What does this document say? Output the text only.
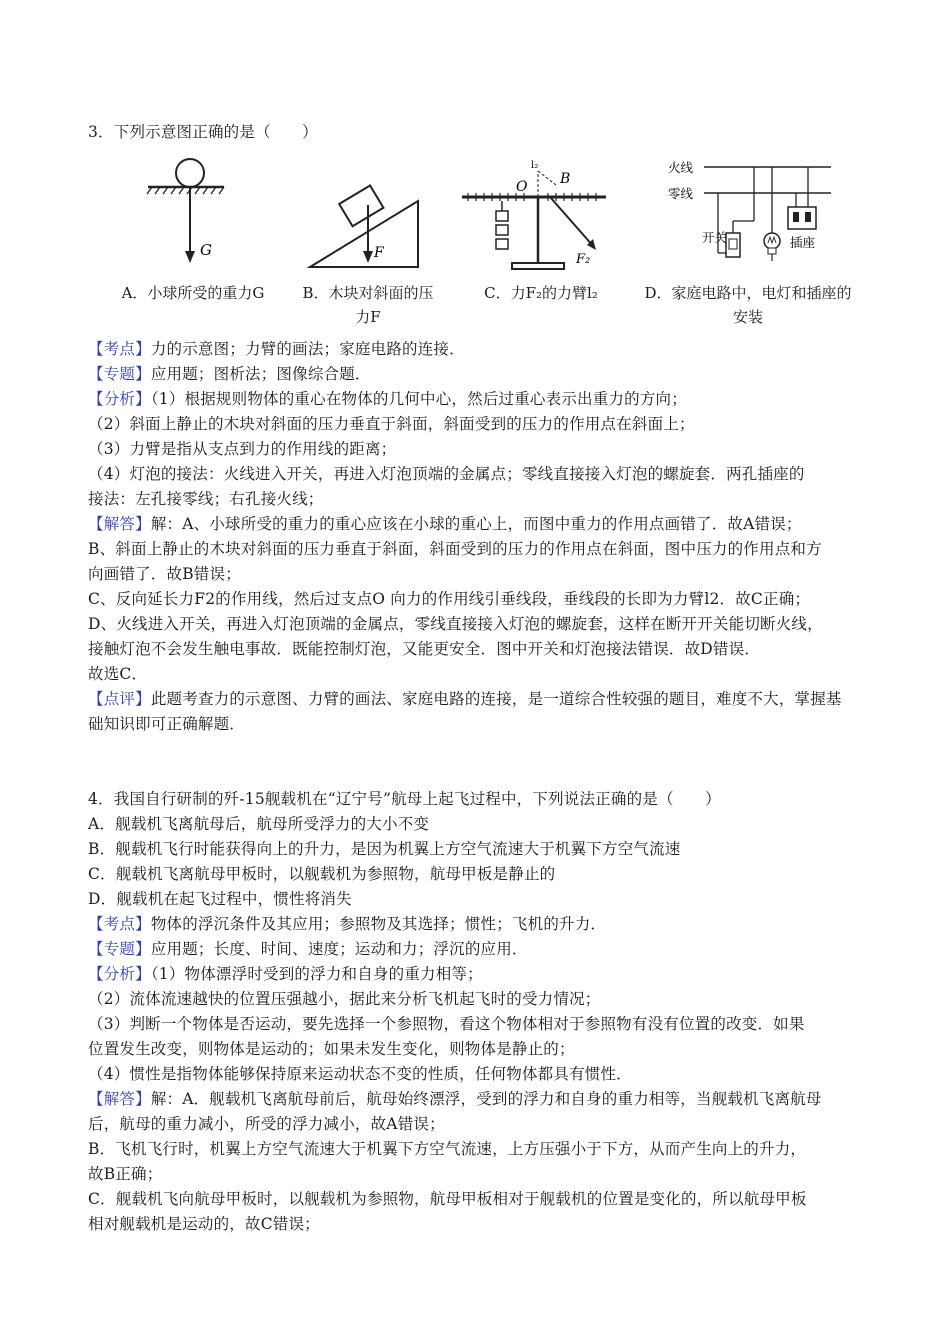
3．下列示意图正确的是（　　）
G	F
O
l₂
B
F₂
火线
零线
开关	插座
A．小球所受的重力G	B．木块对斜面的压
力F
C．力F₂的力臂l₂	D．家庭电路中，电灯和插座的
安装
【考点】力的示意图；力臂的画法；家庭电路的连接．
【专题】应用题；图析法；图像综合题．
【分析】（1）根据规则物体的重心在物体的几何中心，然后过重心表示出重力的方向；
（2）斜面上静止的木块对斜面的压力垂直于斜面，斜面受到的压力的作用点在斜面上；
（3）力臂是指从支点到力的作用线的距离；
（4）灯泡的接法：火线进入开关，再进入灯泡顶端的金属点；零线直接接入灯泡的螺旋套．两孔插座的
接法：左孔接零线；右孔接火线；
【解答】解：A、小球所受的重力的重心应该在小球的重心上，而图中重力的作用点画错了．故A错误；
B、斜面上静止的木块对斜面的压力垂直于斜面，斜面受到的压力的作用点在斜面，图中压力的作用点和方
向画错了．故B错误；
C、反向延长力F2的作用线，然后过支点O 向力的作用线引垂线段，垂线段的长即为力臂l2．故C正确；
D、火线进入开关，再进入灯泡顶端的金属点，零线直接接入灯泡的螺旋套，这样在断开开关能切断火线，
接触灯泡不会发生触电事故．既能控制灯泡，又能更安全．图中开关和灯泡接法错误．故D错误．
故选C．
【点评】此题考查力的示意图、力臂的画法、家庭电路的连接，是一道综合性较强的题目，难度不大，掌握基
础知识即可正确解题．
4．我国自行研制的歼-15舰载机在“辽宁号”航母上起飞过程中，下列说法正确的是（　　）
A．舰载机飞离航母后，航母所受浮力的大小不变
B．舰载机飞行时能获得向上的升力，是因为机翼上方空气流速大于机翼下方空气流速
C．舰载机飞离航母甲板时，以舰载机为参照物，航母甲板是静止的
D．舰载机在起飞过程中，惯性将消失
【考点】物体的浮沉条件及其应用；参照物及其选择；惯性；飞机的升力．
【专题】应用题；长度、时间、速度；运动和力；浮沉的应用．
【分析】（1）物体漂浮时受到的浮力和自身的重力相等；
（2）流体流速越快的位置压强越小，据此来分析飞机起飞时的受力情况；
（3）判断一个物体是否运动，要先选择一个参照物，看这个物体相对于参照物有没有位置的改变．如果
位置发生改变，则物体是运动的；如果未发生变化，则物体是静止的；
（4）惯性是指物体能够保持原来运动状态不变的性质，任何物体都具有惯性．
【解答】解：A．舰载机飞离航母前后，航母始终漂浮，受到的浮力和自身的重力相等，当舰载机飞离航母
后，航母的重力减小，所受的浮力减小，故A错误；
B．飞机飞行时，机翼上方空气流速大于机翼下方空气流速，上方压强小于下方，从而产生向上的升力，
故B正确；
C．舰载机飞向航母甲板时，以舰载机为参照物，航母甲板相对于舰载机的位置是变化的，所以航母甲板
相对舰载机是运动的，故C错误；
